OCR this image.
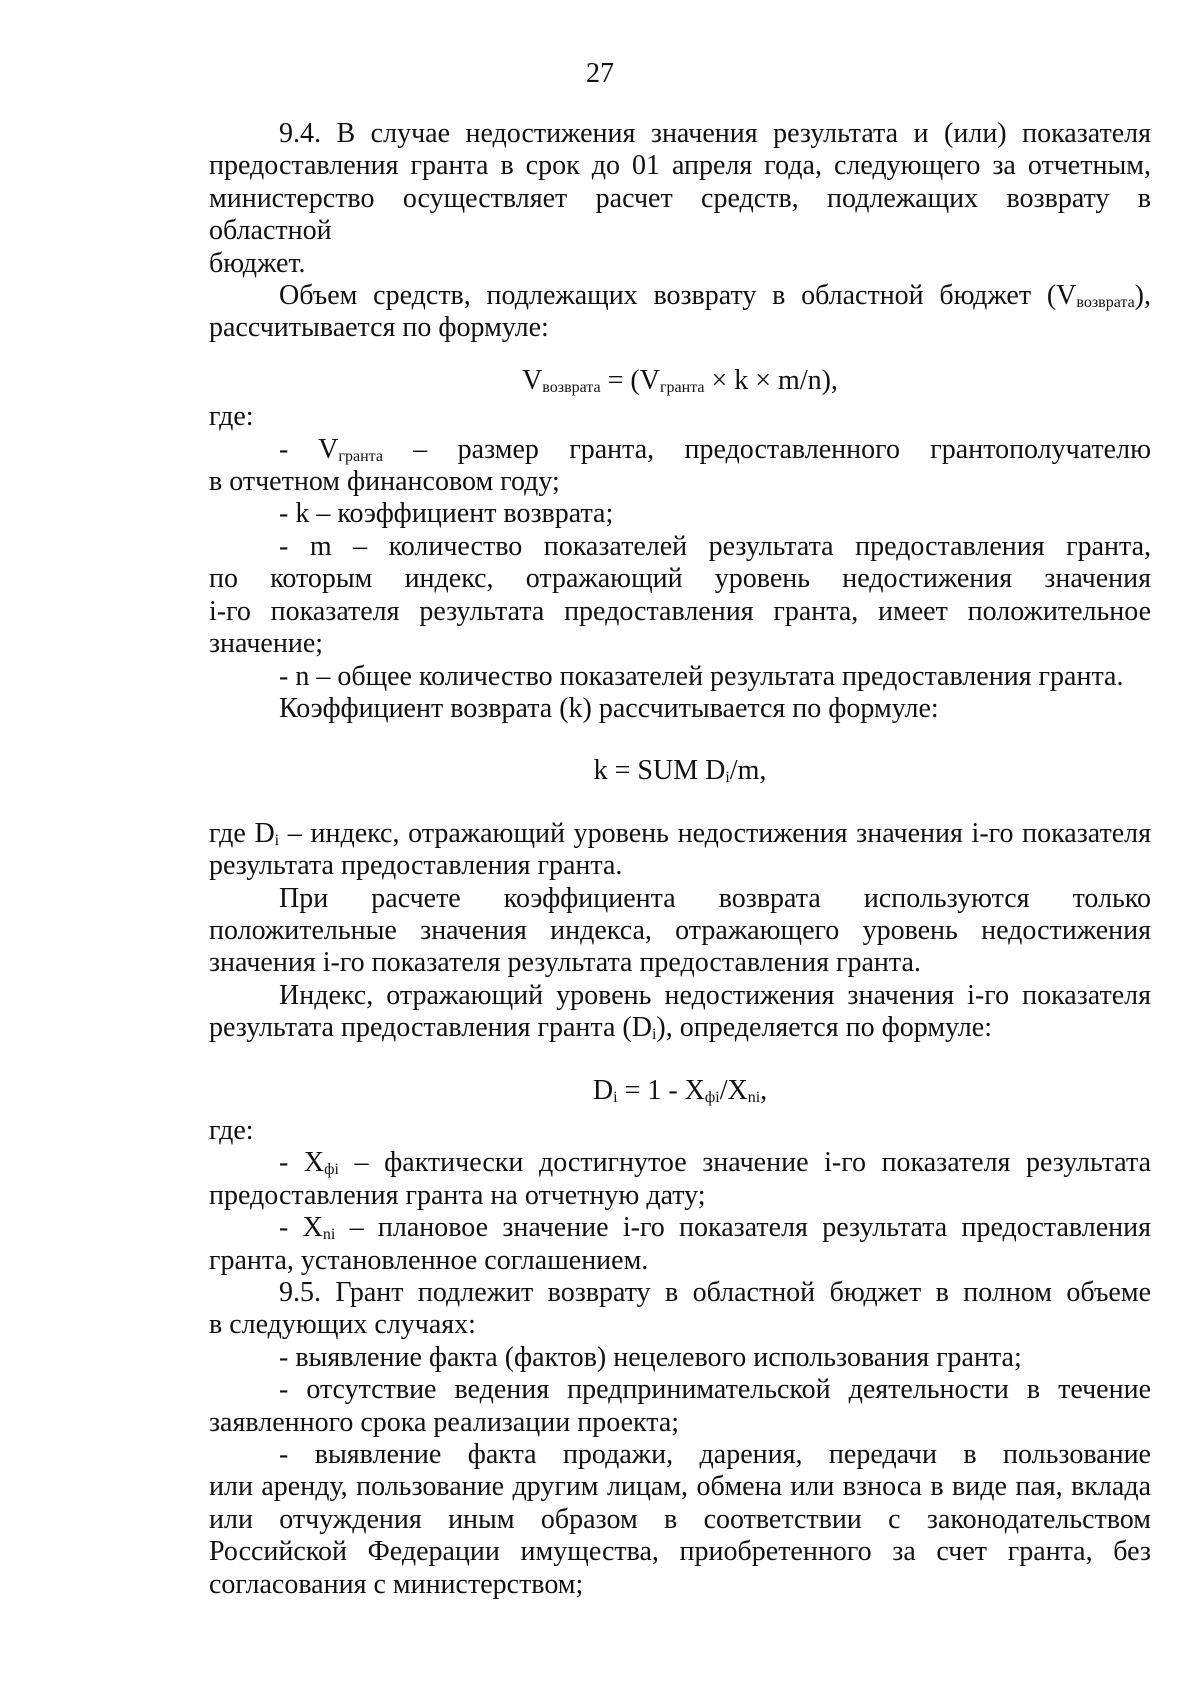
27

9.4. В случае недостижения значения результата и (или) показателя

предоставления гранта в срок до 01 апреля года, следующего за отчетным,

министерство осуществляет расчет средств, подлежащих возврату в областной

бюджет.

Объем средств, подлежащих возврату в областной бюджет $(V_{возврата})$,

рассчитывается по формуле:

$V_{возврата} = (V_{гранта} \times k \times m/n)$,

где:

- $V_{гранта}$ – размер гранта, предоставленного грантополучателю

в отчетном финансовом году;

- k – коэффициент возврата;

- m – количество показателей результата предоставления гранта,

по которым индекс, отражающий уровень недостижения значения

i-го показателя результата предоставления гранта, имеет положительное

значение;

- n – общее количество показателей результата предоставления гранта.

Коэффициент возврата (k) рассчитывается по формуле:

k = SUM $D_i/m$,

где $D_i$ – индекс, отражающий уровень недостижения значения i-го показателя

результата предоставления гранта.

При расчете коэффициента возврата используются только

положительные значения индекса, отражающего уровень недостижения

значения i-го показателя результата предоставления гранта.

Индекс, отражающий уровень недостижения значения i-го показателя

результата предоставления гранта $(D_i)$, определяется по формуле:

$D_i = 1 - X_{фi}/X_{ni}$,

где:

- $X_{фi}$ – фактически достигнутое значение i-го показателя результата

предоставления гранта на отчетную дату;

- $X_{ni}$ – плановое значение i-го показателя результата предоставления

гранта, установленное соглашением.

9.5. Грант подлежит возврату в областной бюджет в полном объеме

в следующих случаях:

- выявление факта (фактов) нецелевого использования гранта;

- отсутствие ведения предпринимательской деятельности в течение

заявленного срока реализации проекта;

- выявление факта продажи, дарения, передачи в пользование

или аренду, пользование другим лицам, обмена или взноса в виде пая, вклада

или отчуждения иным образом в соответствии с законодательством

Российской Федерации имущества, приобретенного за счет гранта, без

согласования с министерством;
